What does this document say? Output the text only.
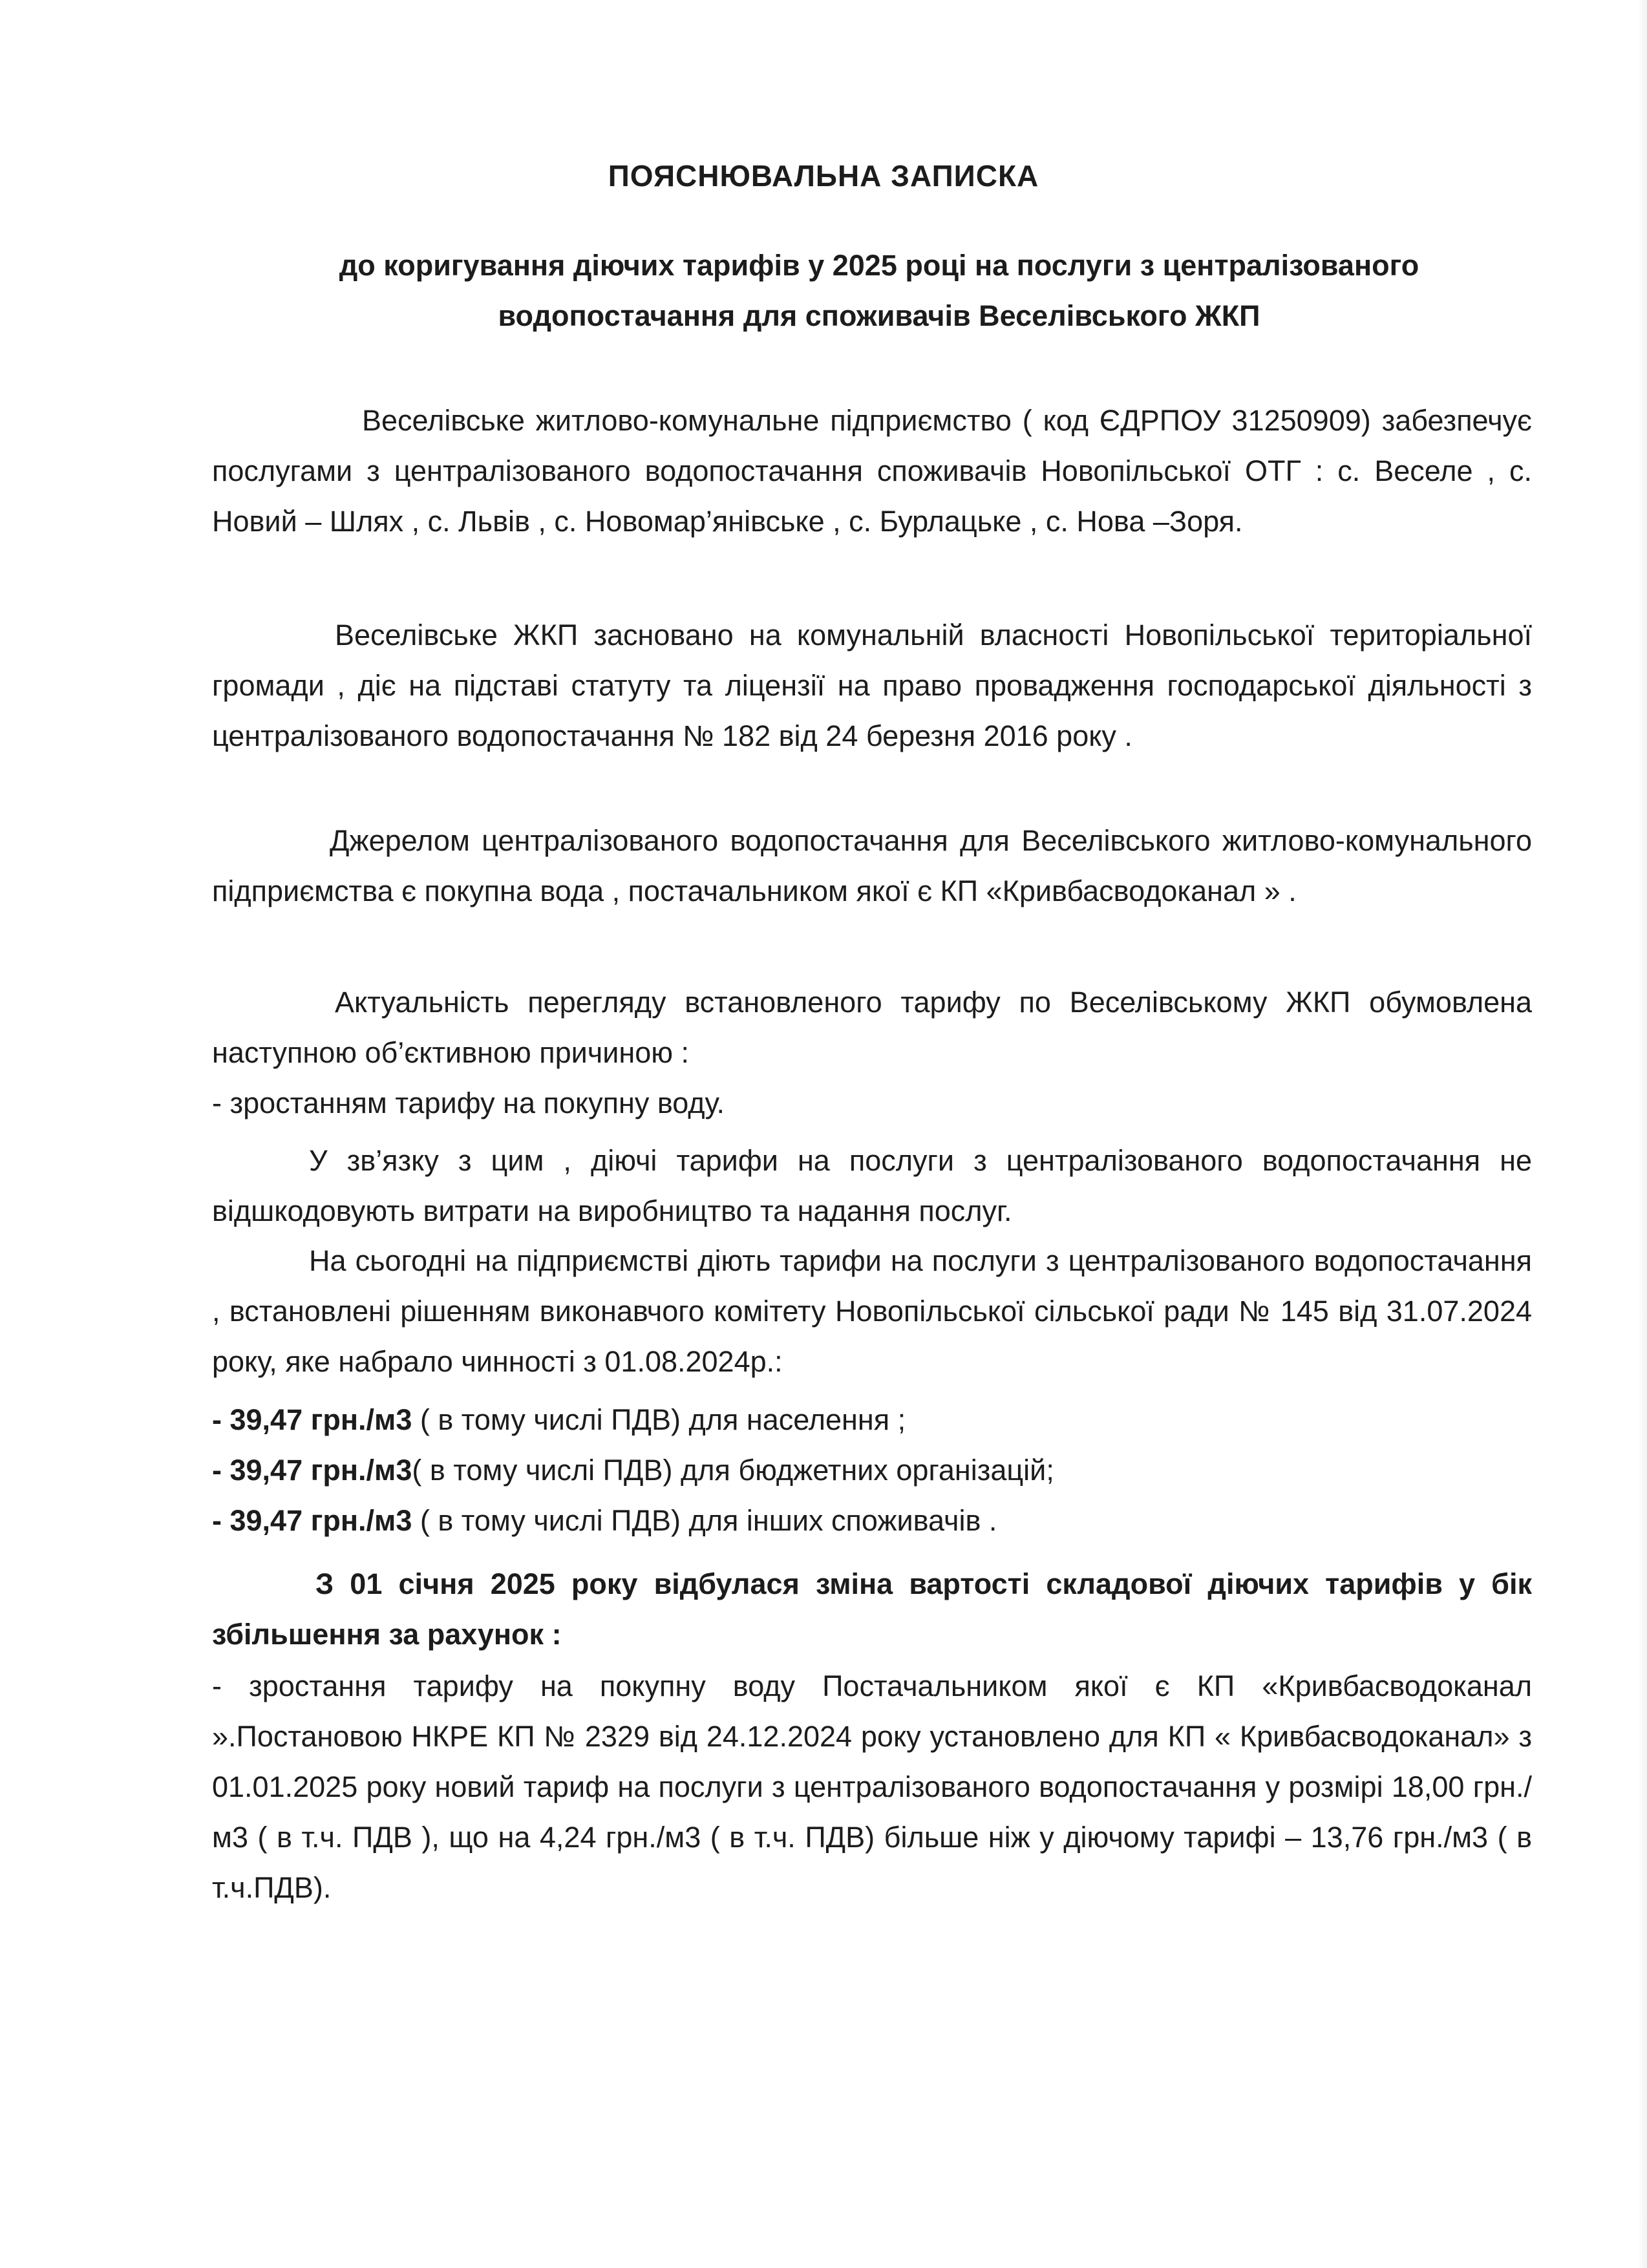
ПОЯСНЮВАЛЬНА ЗАПИСКА
до коригування діючих тарифів у 2025 році на послуги з централізованого водопостачання для споживачів Веселівського ЖКП

Веселівське житлово-комунальне підприємство ( код ЄДРПОУ 31250909) забезпечує послугами з централізованого водопостачання споживачів Новопільської ОТГ : с. Веселе , с. Новий – Шлях , с. Львів , с. Новомар’янівське , с. Бурлацьке , с. Нова –Зоря.

Веселівське ЖКП засновано на комунальній власності Новопільської територіальної громади , діє на підставі статуту та ліцензії на право провадження господарської діяльності з централізованого водопостачання № 182 від 24 березня 2016 року .

Джерелом централізованого водопостачання для Веселівського житлово-комунального підприємства є покупна вода , постачальником якої є КП «Кривбасводоканал » .

Актуальність перегляду встановленого тарифу по Веселівському ЖКП обумовлена наступною об’єктивною причиною :

- зростанням тарифу на покупну воду.

У зв’язку з цим , діючі тарифи на послуги з централізованого водопостачання не відшкодовують витрати на виробництво та надання послуг.

На сьогодні на підприємстві діють тарифи на послуги з централізованого водопостачання , встановлені рішенням виконавчого комітету Новопільської сільської ради № 145 від 31.07.2024 року, яке набрало чинності з 01.08.2024р.:

- 39,47 грн./м3 ( в тому числі ПДВ) для населення ;
- 39,47 грн./м3( в тому числі ПДВ) для бюджетних організацій;
- 39,47 грн./м3 ( в тому числі ПДВ) для інших споживачів .

З 01 січня 2025 року відбулася зміна вартості складової діючих тарифів у бік збільшення за рахунок :

- зростання тарифу на покупну воду Постачальником якої є КП «Кривбасводоканал ».Постановою НКРЕ КП № 2329 від 24.12.2024 року установлено для КП « Кривбасводоканал» з 01.01.2025 року новий тариф на послуги з централізованого водопостачання у розмірі 18,00 грн./м3 ( в т.ч. ПДВ ), що на 4,24 грн./м3 ( в т.ч. ПДВ) більше ніж у діючому тарифі – 13,76 грн./м3 ( в т.ч.ПДВ).
